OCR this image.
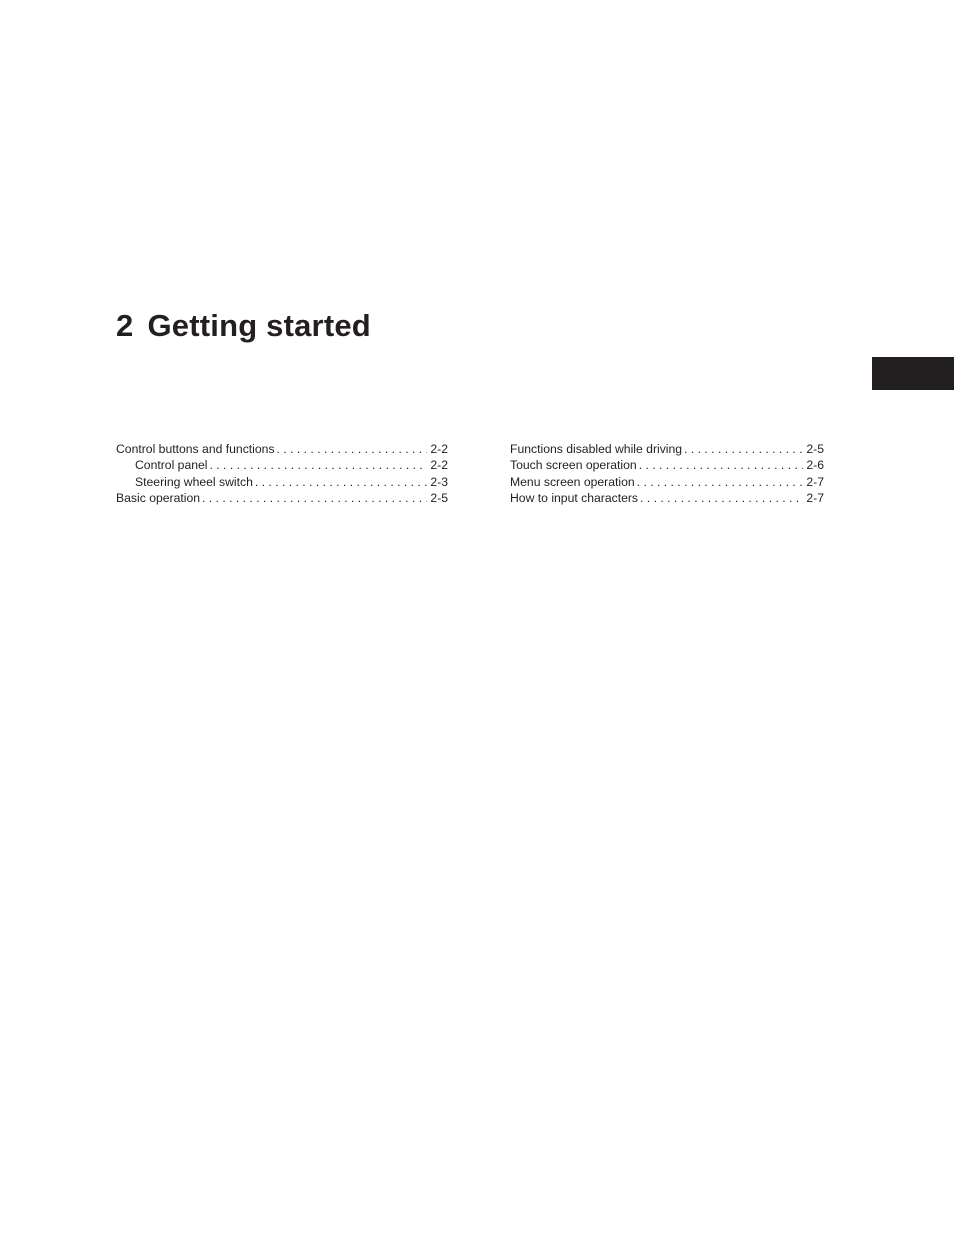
2 Getting started
Control buttons and functions . . .	2-2
Control panel . . .	2-2
Steering wheel switch . . .	2-3
Basic operation . . .	2-5
Functions disabled while driving . . .	2-5
Touch screen operation . . .	2-6
Menu screen operation . . .	2-7
How to input characters . . .	2-7
